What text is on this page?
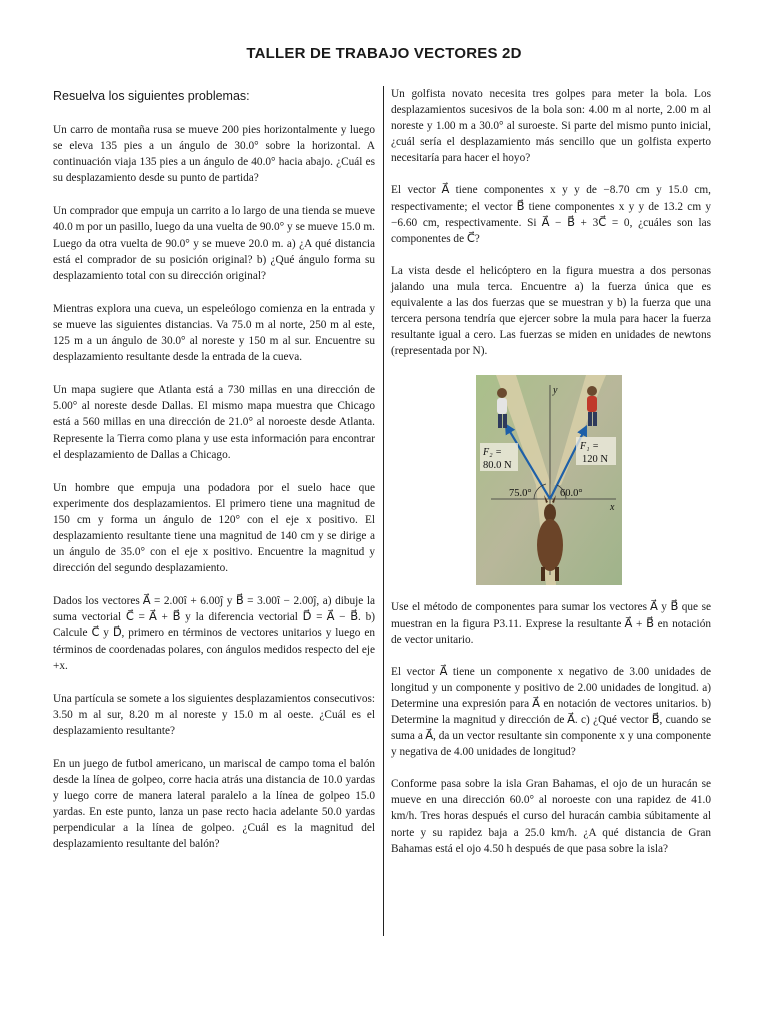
TALLER DE TRABAJO VECTORES 2D
Resuelva los siguientes problemas:

Un carro de montaña rusa se mueve 200 pies horizontalmente y luego se eleva 135 pies a un ángulo de 30.0° sobre la horizontal. A continuación viaja 135 pies a un ángulo de 40.0° hacia abajo. ¿Cuál es su desplazamiento desde su punto de partida?

Un comprador que empuja un carrito a lo largo de una tienda se mueve 40.0 m por un pasillo, luego da una vuelta de 90.0° y se mueve 15.0 m. Luego da otra vuelta de 90.0° y se mueve 20.0 m. a) ¿A qué distancia está el comprador de su posición original? b) ¿Qué ángulo forma su desplazamiento total con su dirección original?

Mientras explora una cueva, un espeleólogo comienza en la entrada y se mueve las siguientes distancias. Va 75.0 m al norte, 250 m al este, 125 m a un ángulo de 30.0° al noreste y 150 m al sur. Encuentre su desplazamiento resultante desde la entrada de la cueva.

Un mapa sugiere que Atlanta está a 730 millas en una dirección de 5.00° al noreste desde Dallas. El mismo mapa muestra que Chicago está a 560 millas en una dirección de 21.0° al noroeste desde Atlanta. Represente la Tierra como plana y use esta información para encontrar el desplazamiento de Dallas a Chicago.

Un hombre que empuja una podadora por el suelo hace que experimente dos desplazamientos. El primero tiene una magnitud de 150 cm y forma un ángulo de 120° con el eje x positivo. El desplazamiento resultante tiene una magnitud de 140 cm y se dirige a un ángulo de 35.0° con el eje x positivo. Encuentre la magnitud y dirección del segundo desplazamiento.

Dados los vectores A⃗ = 2.00î + 6.00ĵ y B⃗ = 3.00î − 2.00ĵ, a) dibuje la suma vectorial C⃗ = A⃗ + B⃗ y la diferencia vectorial D⃗ = A⃗ − B⃗. b) Calcule C⃗ y D⃗, primero en términos de vectores unitarios y luego en términos de coordenadas polares, con ángulos medidos respecto del eje +x.

Una partícula se somete a los siguientes desplazamientos consecutivos: 3.50 m al sur, 8.20 m al noreste y 15.0 m al oeste. ¿Cuál es el desplazamiento resultante?

En un juego de futbol americano, un mariscal de campo toma el balón desde la línea de golpeo, corre hacia atrás una distancia de 10.0 yardas y luego corre de manera lateral paralelo a la línea de golpeo 15.0 yardas. En este punto, lanza un pase recto hacia adelante 50.0 yardas perpendicular a la línea de golpeo. ¿Cuál es la magnitud del desplazamiento resultante del balón?

Un golfista novato necesita tres golpes para meter la bola. Los desplazamientos sucesivos de la bola son: 4.00 m al norte, 2.00 m al noreste y 1.00 m a 30.0° al suroeste. Si parte del mismo punto inicial, ¿cuál sería el desplazamiento más sencillo que un golfista experto necesitaría para hacer el hoyo?

El vector A⃗ tiene componentes x y y de −8.70 cm y 15.0 cm, respectivamente; el vector B⃗ tiene componentes x y y de 13.2 cm y −6.60 cm, respectivamente. Si A⃗ − B⃗ + 3C⃗ = 0, ¿cuáles son las componentes de C⃗?

La vista desde el helicóptero en la figura muestra a dos personas jalando una mula terca. Encuentre a) la fuerza única que es equivalente a las dos fuerzas que se muestran y b) la fuerza que una tercera persona tendría que ejercer sobre la mula para hacer la fuerza resultante igual a cero. Las fuerzas se miden en unidades de newtons (representada por N).

F₂ =
80.0 N
F₁ =
120 N
75.0°	60.0°
x
y

Use el método de componentes para sumar los vectores A⃗ y B⃗ que se muestran en la figura P3.11. Exprese la resultante A⃗ + B⃗ en notación de vector unitario.

El vector A⃗ tiene un componente x negativo de 3.00 unidades de longitud y un componente y positivo de 2.00 unidades de longitud. a) Determine una expresión para A⃗ en notación de vectores unitarios. b) Determine la magnitud y dirección de A⃗. c) ¿Qué vector B⃗, cuando se suma a A⃗, da un vector resultante sin componente x y una componente y negativa de 4.00 unidades de longitud?

Conforme pasa sobre la isla Gran Bahamas, el ojo de un huracán se mueve en una dirección 60.0° al noroeste con una rapidez de 41.0 km/h. Tres horas después el curso del huracán cambia súbitamente al norte y su rapidez baja a 25.0 km/h. ¿A qué distancia de Gran Bahamas está el ojo 4.50 h después de que pasa sobre la isla?
